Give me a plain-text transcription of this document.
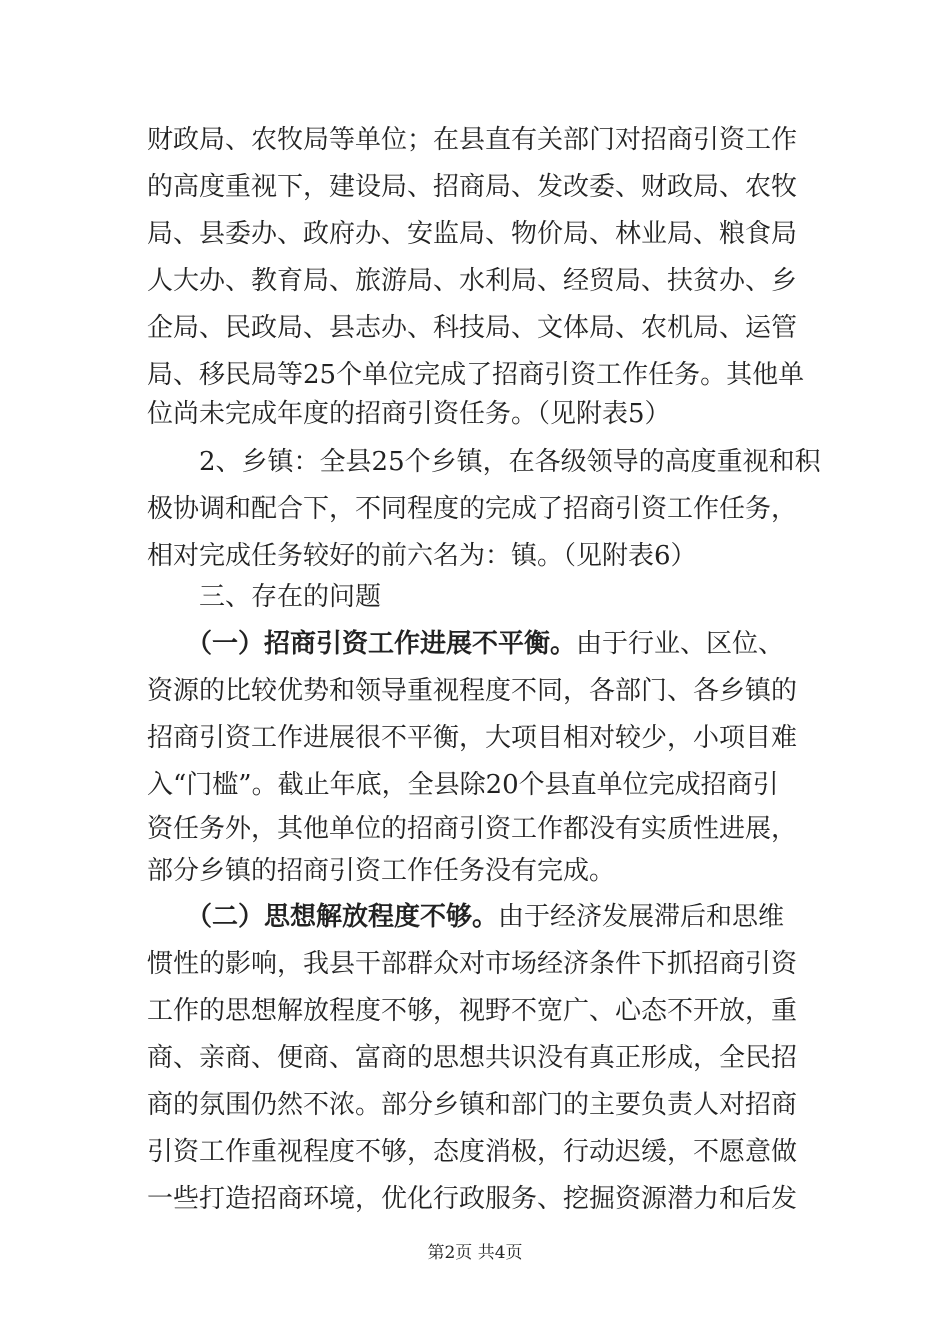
财政局、农牧局等单位；在县直有关部门对招商引资工作
的高度重视下，建设局、招商局、发改委、财政局、农牧
局、县委办、政府办、安监局、物价局、林业局、粮食局
人大办、教育局、旅游局、水利局、经贸局、扶贫办、乡
企局、民政局、县志办、科技局、文体局、农机局、运管
局、移民局等25个单位完成了招商引资工作任务。其他单
位尚未完成年度的招商引资任务。（见附表5）
　　2、乡镇：全县25个乡镇，在各级领导的高度重视和积
极协调和配合下，不同程度的完成了招商引资工作任务，
相对完成任务较好的前六名为：镇。（见附表6）
　　三、存在的问题
　　（一）招商引资工作进展不平衡。由于行业、区位、
资源的比较优势和领导重视程度不同，各部门、各乡镇的
招商引资工作进展很不平衡，大项目相对较少，小项目难
入“门槛”。截止年底，全县除20个县直单位完成招商引
资任务外，其他单位的招商引资工作都没有实质性进展，
部分乡镇的招商引资工作任务没有完成。
　　（二）思想解放程度不够。由于经济发展滞后和思维
惯性的影响，我县干部群众对市场经济条件下抓招商引资
工作的思想解放程度不够，视野不宽广、心态不开放，重
商、亲商、便商、富商的思想共识没有真正形成，全民招
商的氛围仍然不浓。部分乡镇和部门的主要负责人对招商
引资工作重视程度不够，态度消极，行动迟缓，不愿意做
一些打造招商环境，优化行政服务、挖掘资源潜力和后发
第2页 共4页
